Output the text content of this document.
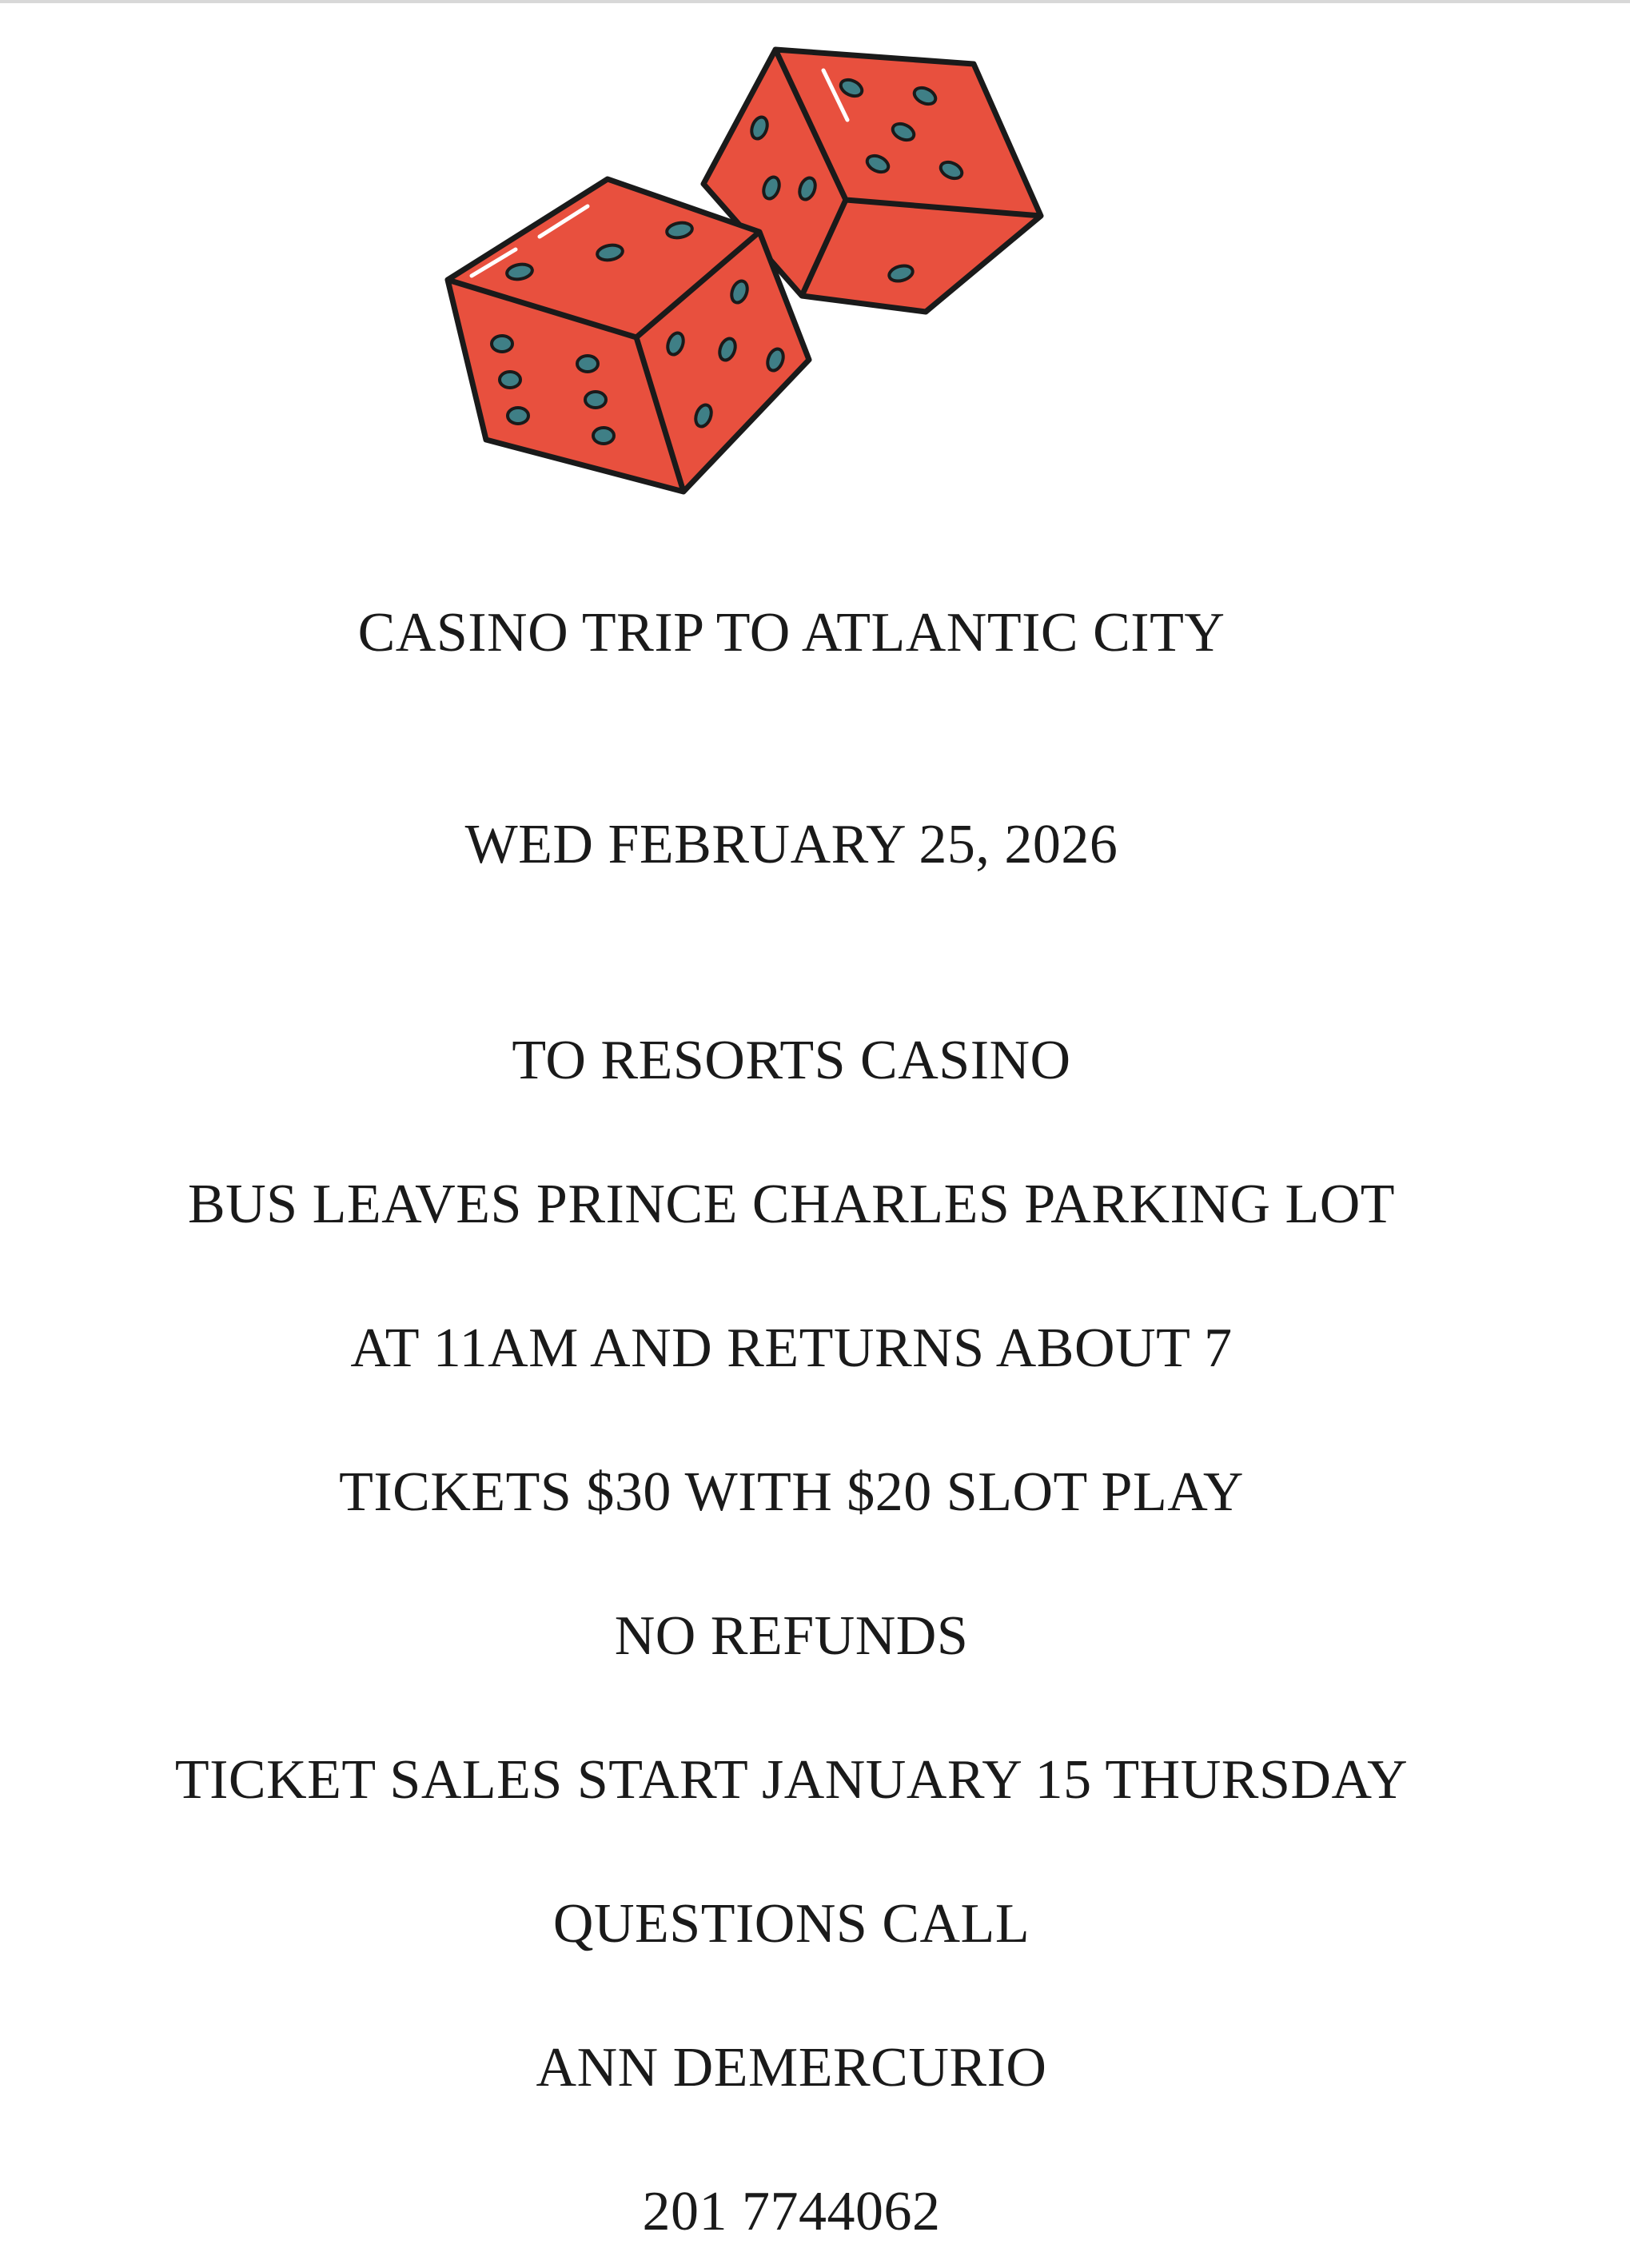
CASINO TRIP TO ATLANTIC CITY
WED FEBRUARY 25, 2026
TO RESORTS CASINO
BUS LEAVES PRINCE CHARLES PARKING LOT
AT 11AM AND RETURNS ABOUT 7
TICKETS $30 WITH $20 SLOT PLAY
NO REFUNDS
TICKET SALES START JANUARY 15 THURSDAY
QUESTIONS CALL
ANN DEMERCURIO
201 7744062
